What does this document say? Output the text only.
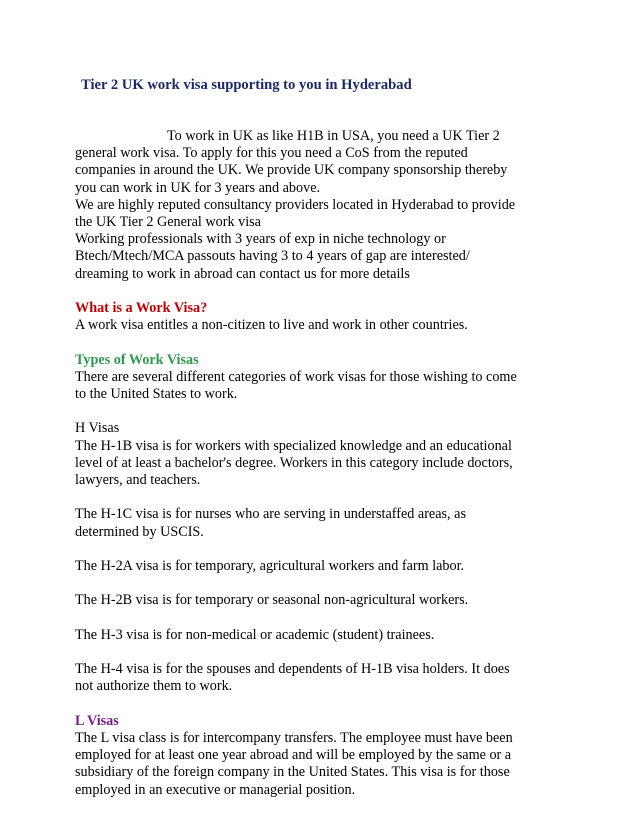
Tier 2 UK work visa supporting to you in Hyderabad
To work in UK as like H1B in USA, you need a UK Tier 2
general work visa. To apply for this you need a CoS from the reputed
companies in around the UK. We provide UK company sponsorship thereby
you can work in UK for 3 years and above.
We are highly reputed consultancy providers located in Hyderabad to provide
the UK Tier 2 General work visa
Working professionals with 3 years of exp in niche technology or
Btech/Mtech/MCA passouts having 3 to 4 years of gap are interested/
dreaming to work in abroad can contact us for more details
What is a Work Visa?
A work visa entitles a non-citizen to live and work in other countries.
Types of Work Visas
There are several different categories of work visas for those wishing to come
to the United States to work.
H Visas
The H-1B visa is for workers with specialized knowledge and an educational
level of at least a bachelor's degree. Workers in this category include doctors,
lawyers, and teachers.
The H-1C visa is for nurses who are serving in understaffed areas, as
determined by USCIS.
The H-2A visa is for temporary, agricultural workers and farm labor.
The H-2B visa is for temporary or seasonal non-agricultural workers.
The H-3 visa is for non-medical or academic (student) trainees.
The H-4 visa is for the spouses and dependents of H-1B visa holders. It does
not authorize them to work.
L Visas
The L visa class is for intercompany transfers. The employee must have been
employed for at least one year abroad and will be employed by the same or a
subsidiary of the foreign company in the United States. This visa is for those
employed in an executive or managerial position.
